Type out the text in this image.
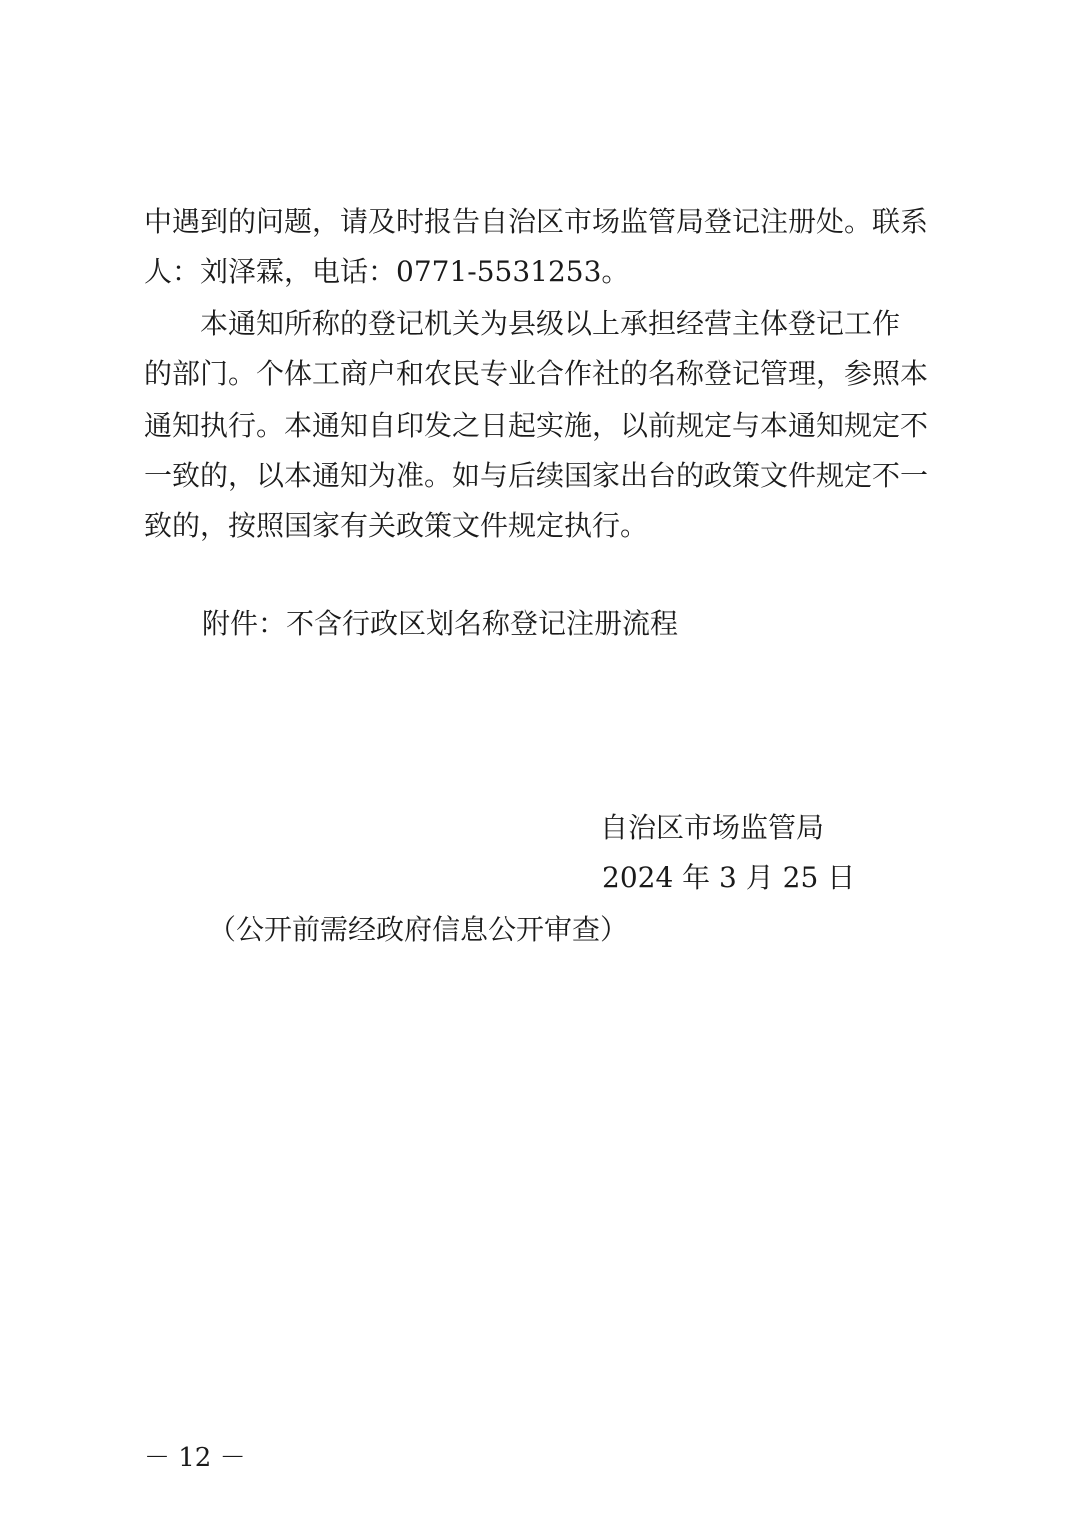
中遇到的问题，请及时报告自治区市场监管局登记注册处。联系
人：刘泽霖，电话：0771-5531253。
　　本通知所称的登记机关为县级以上承担经营主体登记工作
的部门。个体工商户和农民专业合作社的名称登记管理，参照本
通知执行。本通知自印发之日起实施，以前规定与本通知规定不
一致的，以本通知为准。如与后续国家出台的政策文件规定不一
致的，按照国家有关政策文件规定执行。
附件：不含行政区划名称登记注册流程
自治区市场监管局
2024 年 3 月 25 日
（公开前需经政府信息公开审查）
－ 12 －
